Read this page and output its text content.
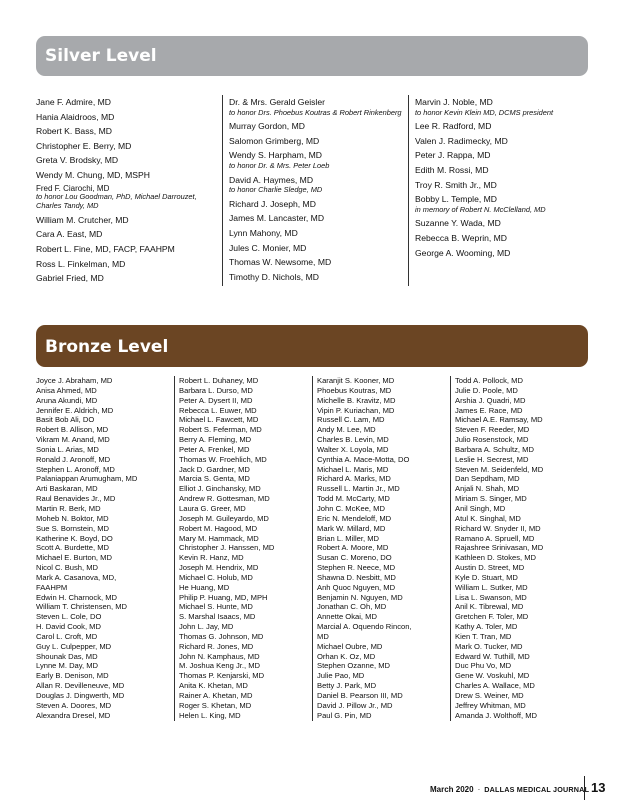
Silver Level
Jane F. Admire, MD
Hania Alaidroos, MD
Robert K. Bass, MD
Christopher E. Berry, MD
Greta V. Brodsky, MD
Wendy M. Chung, MD, MSPH
Fred F. Ciarochi, MD
to honor Lou Goodman, PhD, Michael Darrouzet, Charles Tandy, MD
William M. Crutcher, MD
Cara A. East, MD
Robert L. Fine, MD, FACP, FAAHPM
Ross L. Finkelman, MD
Gabriel Fried, MD
Dr. & Mrs. Gerald Geisler
to honor Drs. Phoebus Koutras & Robert Rinkenberg
Murray Gordon, MD
Salomon Grimberg, MD
Wendy S. Harpham, MD
to honor Dr. & Mrs. Peter Loeb
David A. Haymes, MD
to honor Charlie Sledge, MD
Richard J. Joseph, MD
James M. Lancaster, MD
Lynn Mahony, MD
Jules C. Monier, MD
Thomas W. Newsome, MD
Timothy D. Nichols, MD
Marvin J. Noble, MD
to honor Kevin Klein MD, DCMS president
Lee R. Radford, MD
Valen J. Radimecky, MD
Peter J. Rappa, MD
Edith M. Rossi, MD
Troy R. Smith Jr., MD
Bobby L. Temple, MD
in memory of Robert N. McClelland, MD
Suzanne Y. Wada, MD
Rebecca B. Weprin, MD
George A. Wooming, MD
Bronze Level
Joyce J. Abraham, MD
Anisa Ahmed, MD
Aruna Akundi, MD
Jennifer E. Aldrich, MD
Basit Bob Ali, DO
Robert B. Allison, MD
Vikram M. Anand, MD
Sonia L. Arias, MD
Ronald J. Aronoff, MD
Stephen L. Aronoff, MD
Palaniappan Arumugham, MD
Arti Baskaran, MD
Raul Benavides Jr., MD
Martin R. Berk, MD
Moheb N. Boktor, MD
Sue S. Bornstein, MD
Katherine K. Boyd, DO
Scott A. Burdette, MD
Michael E. Burton, MD
Nicol C. Bush, MD
Mark A. Casanova, MD,
FAAHPM
Edwin H. Charnock, MD
William T. Christensen, MD
Steven L. Cole, DO
H. David Cook, MD
Carol L. Croft, MD
Guy L. Culpepper, MD
Shounak Das, MD
Lynne M. Day, MD
Early B. Denison, MD
Allan R. Devilleneuve, MD
Douglas J. Dingwerth, MD
Steven A. Doores, MD
Alexandra Dresel, MD
Robert L. Duhaney, MD
Barbara L. Durso, MD
Peter A. Dysert II, MD
Rebecca L. Euwer, MD
Michael L. Fawcett, MD
Robert S. Feferman, MD
Berry A. Fleming, MD
Peter A. Frenkel, MD
Thomas W. Froehlich, MD
Jack D. Gardner, MD
Marcia S. Genta, MD
Elliot J. Ginchansky, MD
Andrew R. Gottesman, MD
Laura G. Greer, MD
Joseph M. Guileyardo, MD
Robert M. Hagood, MD
Mary M. Hammack, MD
Christopher J. Hanssen, MD
Kevin R. Hanz, MD
Joseph M. Hendrix, MD
Michael C. Holub, MD
He Huang, MD
Philip P. Huang, MD, MPH
Michael S. Hunte, MD
S. Marshal Isaacs, MD
John L. Jay, MD
Thomas G. Johnson, MD
Richard R. Jones, MD
John N. Kamphaus, MD
M. Joshua Keng Jr., MD
Thomas P. Kenjarski, MD
Anita K. Khetan, MD
Rainer A. Khetan, MD
Roger S. Khetan, MD
Helen L. King, MD
Karanjit S. Kooner, MD
Phoebus Koutras, MD
Michelle B. Kravitz, MD
Vipin P. Kuriachan, MD
Russell C. Lam, MD
Andy M. Lee, MD
Charles B. Levin, MD
Walter X. Loyola, MD
Cynthia A. Mace-Motta, DO
Michael L. Maris, MD
Richard A. Marks, MD
Russell L. Martin Jr., MD
Todd M. McCarty, MD
John C. McKee, MD
Eric N. Mendeloff, MD
Mark W. Millard, MD
Brian L. Miller, MD
Robert A. Moore, MD
Susan C. Moreno, DO
Stephen R. Neece, MD
Shawna D. Nesbitt, MD
Anh Quoc Nguyen, MD
Benjamin N. Nguyen, MD
Jonathan C. Oh, MD
Annette Okai, MD
Marcial A. Oquendo Rincon,
MD
Michael Oubre, MD
Orhan K. Oz, MD
Stephen Ozanne, MD
Julie Pao, MD
Betty J. Park, MD
Daniel B. Pearson III, MD
David J. Pillow Jr., MD
Paul G. Pin, MD
Todd A. Pollock, MD
Julie D. Poole, MD
Arshia J. Quadri, MD
James E. Race, MD
Michael A.E. Ramsay, MD
Steven F. Reeder, MD
Julio Rosenstock, MD
Barbara A. Schultz, MD
Leslie H. Secrest, MD
Steven M. Seidenfeld, MD
Dan Sepdham, MD
Anjali N. Shah, MD
Miriam S. Singer, MD
Anil Singh, MD
Atul K. Singhal, MD
Richard W. Snyder II, MD
Ramano A. Spruell, MD
Rajashree Srinivasan, MD
Kathleen D. Stokes, MD
Austin D. Street, MD
Kyle D. Stuart, MD
William L. Sutker, MD
Lisa L. Swanson, MD
Anil K. Tibrewal, MD
Gretchen F. Toler, MD
Kathy A. Toler, MD
Kien T. Tran, MD
Mark O. Tucker, MD
Edward W. Tuthill, MD
Duc Phu Vo, MD
Gene W. Voskuhl, MD
Charles A. Wallace, MD
Drew S. Weiner, MD
Jeffrey Whitman, MD
Amanda J. Wolthoff, MD
March 2020 · DALLAS MEDICAL JOURNAL 13
